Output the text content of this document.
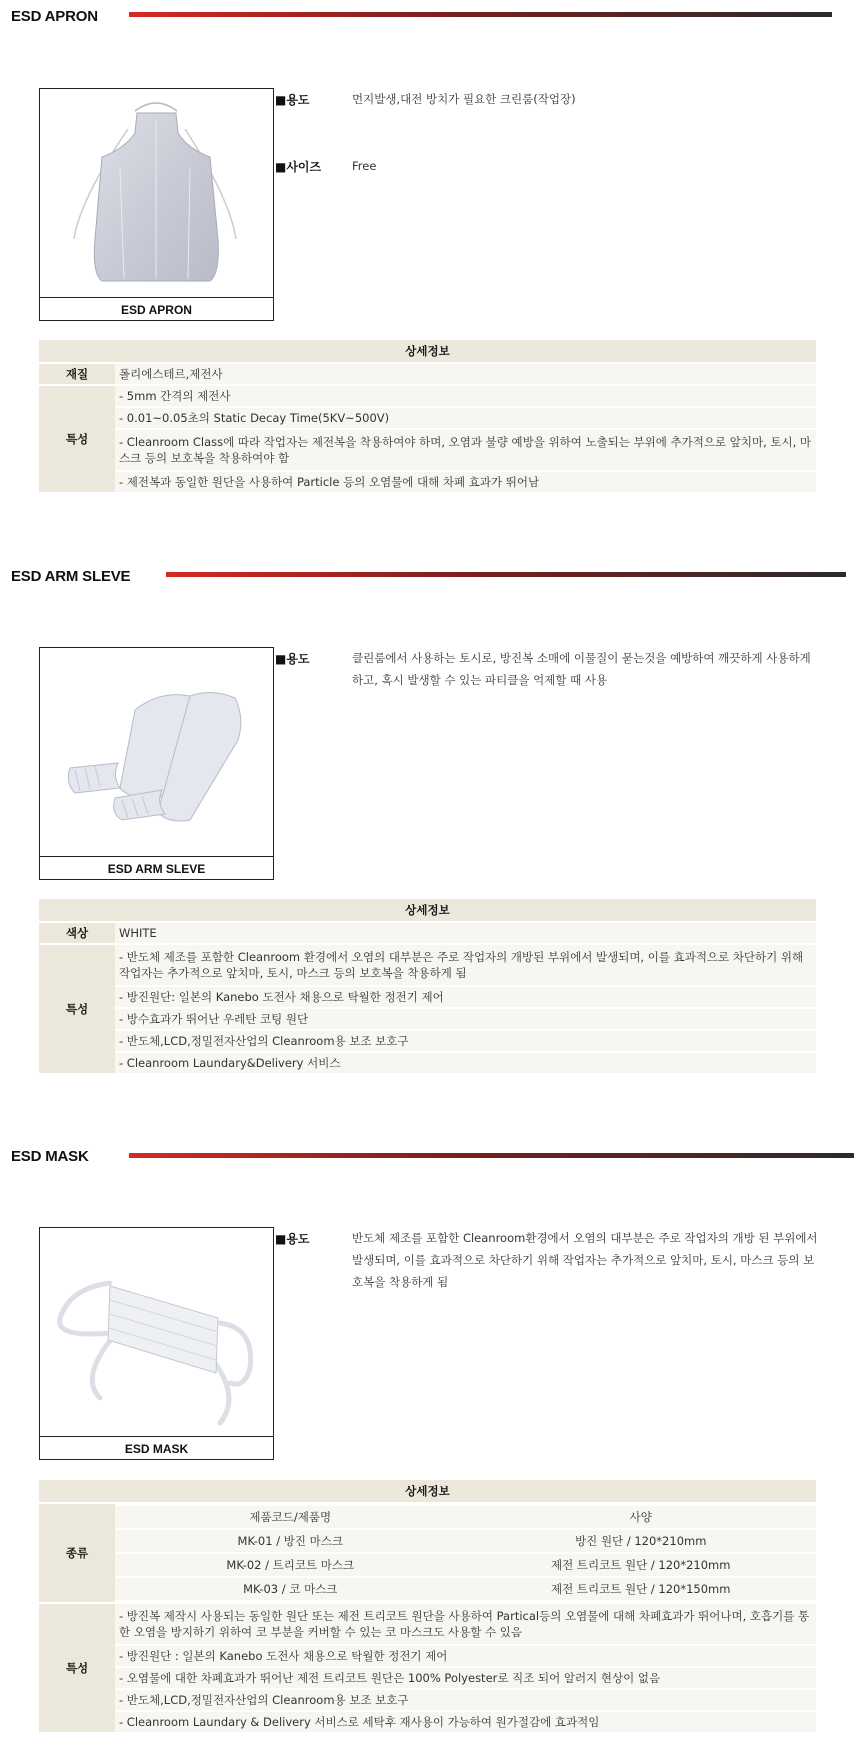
ESD APRON
ESD APRON
■용도	먼지발생,대전 방치가 필요한 크린룸(작업장)
■사이즈	Free
상세정보	
재질	폴리에스테르,제전사
특성	- 5mm 간격의 제전사
	- 0.01~0.05초의 Static Decay Time(5KV~500V)
	- Cleanroom Class에 따라 작업자는 제전복을 착용하여야 하며, 오염과 불량 예방을 위하여 노출되는 부위에 추가적으로 앞치마, 토시, 마스크 등의 보호복을 착용하여야 함
	- 제전복과 동일한 원단을 사용하여 Particle 등의 오염물에 대해 차폐 효과가 뛰어남
ESD ARM SLEVE
ESD ARM SLEVE
■용도	클린룸에서 사용하는 토시로, 방진복 소매에 이물질이 묻는것을 예방하여 깨끗하게 사용하게 하고, 혹시 발생할 수 있는 파티클을 억제할 때 사용
상세정보	
색상	WHITE
특성	- 반도체 제조를 포함한 Cleanroom 환경에서 오염의 대부분은 주로 작업자의 개방된 부위에서 발생되며, 이를 효과적으로 차단하기 위해 작업자는 추가적으로 앞치마, 토시, 마스크 등의 보호복을 착용하게 됨
	- 방진원단: 일본의 Kanebo 도전사 채용으로 탁월한 정전기 제어
	- 방수효과가 뛰어난 우레탄 코팅 원단
	- 반도체,LCD,정밀전자산업의 Cleanroom용 보조 보호구
	- Cleanroom Laundary&Delivery 서비스
ESD MASK
ESD MASK
■용도	반도체 제조를 포함한 Cleanroom환경에서 오염의 대부분은 주로 작업자의 개방 된 부위에서 발생되며, 이를 효과적으로 차단하기 위해 작업자는 추가적으로 앞치마, 토시, 마스크 등의 보호복을 착용하게 됨
상세정보
종류	
제품코드/제품명	사양
MK-01 / 방진 마스크	방진 원단 / 120*210mm
MK-02 / 트리코트 마스크	제전 트리코트 원단 / 120*210mm
MK-03 / 코 마스크	제전 트리코트 원단 / 120*150mm

특성	- 방진복 제작시 사용되는 동일한 원단 또는 제전 트리코트 원단을 사용하여 Partical등의 오염물에 대해 차폐효과가 뛰어나며, 호흡기를 통한 오염을 방지하기 위하여 코 부분을 커버할 수 있는 코 마스크도 사용할 수 있음
- 방진원단 : 일본의 Kanebo 도전사 채용으로 탁월한 정전기 제어
- 오염물에 대한 차폐효과가 뛰어난 제전 트리코트 원단은 100% Polyester로 직조 되어 알러지 현상이 없음
- 반도체,LCD,정밀전자산업의 Cleanroom용 보조 보호구
- Cleanroom Laundary & Delivery 서비스로 세탁후 재사용이 가능하여 원가절감에 효과적임
